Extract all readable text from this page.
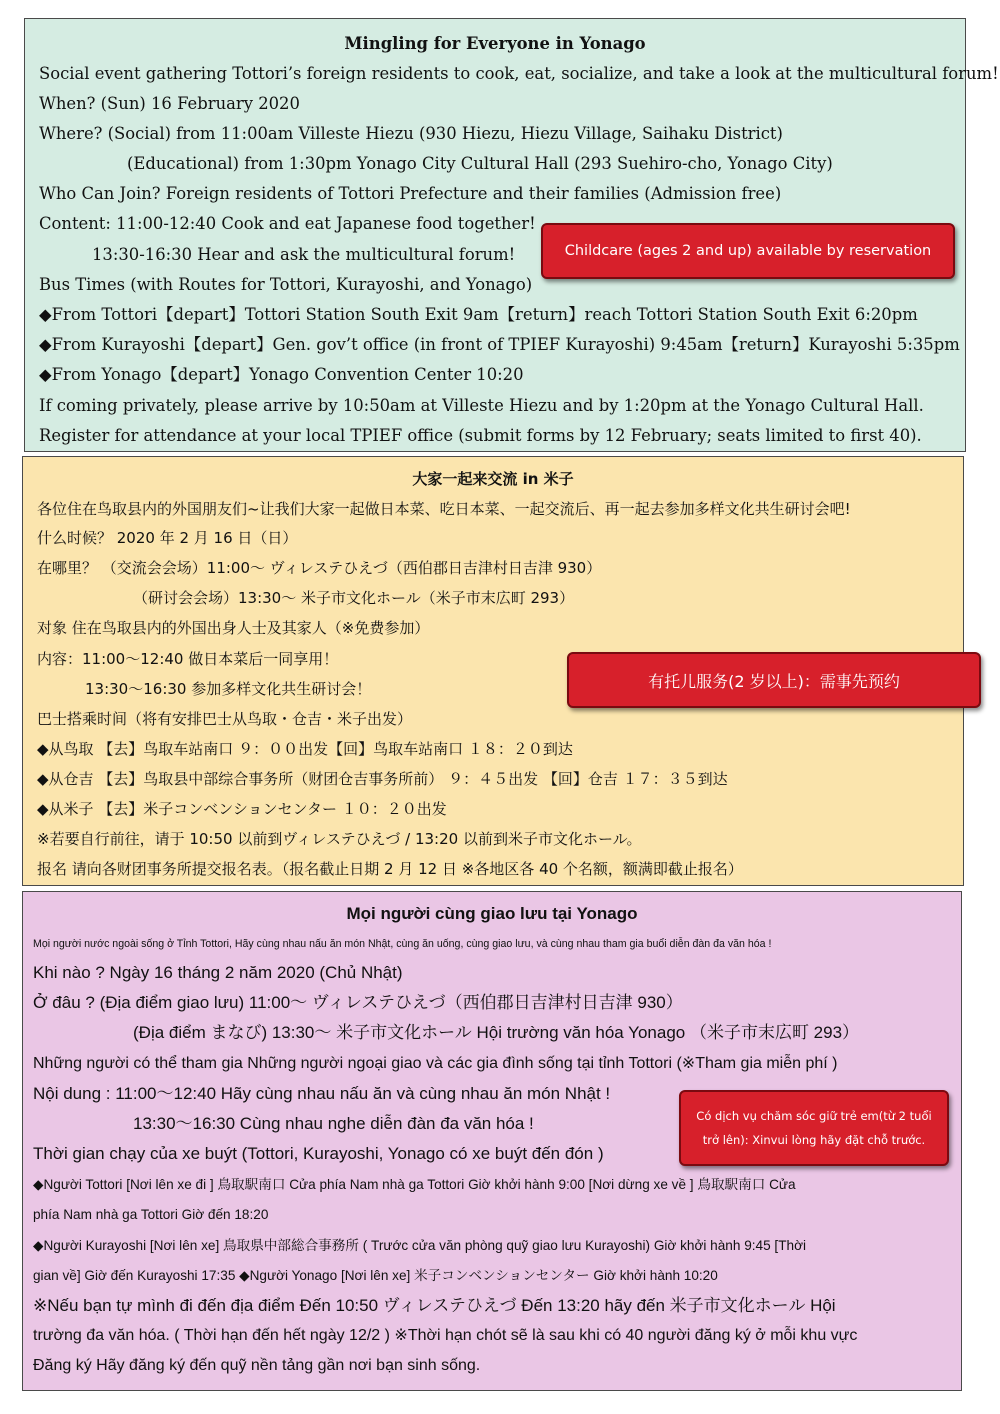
Mingling for Everyone in Yonago
Social event gathering Tottori’s foreign residents to cook, eat, socialize, and take a look at the multicultural forum!
When? (Sun) 16 February 2020
Where? (Social) from 11:00am Villeste Hiezu (930 Hiezu, Hiezu Village, Saihaku District)
(Educational) from 1:30pm Yonago City Cultural Hall (293 Suehiro-cho, Yonago City)
Who Can Join? Foreign residents of Tottori Prefecture and their families (Admission free)
Content: 11:00-12:40 Cook and eat Japanese food together!
13:30-16:30 Hear and ask the multicultural forum!
Bus Times (with Routes for Tottori, Kurayoshi, and Yonago)
◆From Tottori【depart】Tottori Station South Exit 9am【return】reach Tottori Station South Exit 6:20pm
◆From Kurayoshi【depart】Gen. gov’t office (in front of TPIEF Kurayoshi) 9:45am【return】Kurayoshi 5:35pm
◆From Yonago【depart】Yonago Convention Center 10:20
If coming privately, please arrive by 10:50am at Villeste Hiezu and by 1:20pm at the Yonago Cultural Hall.
Register for attendance at your local TPIEF office (submit forms by 12 February; seats limited to first 40).
Childcare (ages 2 and up) available by reservation
大家一起来交流 in 米子
各位住在鸟取县内的外国朋友们~让我们大家一起做日本菜、吃日本菜、一起交流后、再一起去参加多样文化共生研讨会吧!
什么时候？ 2020 年 2 月 16 日（日）
在哪里？ （交流会会场）11:00～ ヴィレステひえづ（西伯郡日吉津村日吉津 930）
（研讨会会场）13:30～ 米子市文化ホール（米子市末広町 293）
对象 住在鸟取县内的外国出身人士及其家人（※免费参加）
内容：11:00～12:40 做日本菜后一同享用！
13:30～16:30 参加多样文化共生研讨会！
巴士搭乘时间（将有安排巴士从鸟取・仓吉・米子出发）
◆从鸟取 【去】鸟取车站南口 ９：００出发【回】鸟取车站南口 １８：２０到达
◆从仓吉 【去】鸟取县中部综合事务所（财团仓吉事务所前） ９：４５出发 【回】仓吉 １７：３５到达
◆从米子 【去】米子コンベンションセンター １０：２０出发
※若要自行前往，请于 10:50 以前到ヴィレステひえづ / 13:20 以前到米子市文化ホール。
报名 请向各财团事务所提交报名表。（报名截止日期 2 月 12 日 ※各地区各 40 个名额，额满即截止报名）
有托儿服务(2 岁以上)：需事先预约
Mọi người cùng giao lưu tại Yonago
Mọi người nước ngoài sống ở Tỉnh Tottori, Hãy cùng nhau nấu ăn món Nhật, cùng ăn uống, cùng giao lưu, và cùng nhau tham gia buổi diễn đàn đa văn hóa !
Khi nào ? Ngày 16 tháng 2 năm 2020 (Chủ Nhật)
Ở đâu ? (Địa điểm giao lưu) 11:00～ ヴィレステひえづ（西伯郡日吉津村日吉津 930）
(Địa điểm まなび) 13:30～ 米子市文化ホール Hội trường văn hóa Yonago （米子市末広町 293）
Những người có thể tham gia Những người ngoại giao và các gia đình sống tại tỉnh Tottori (※Tham gia miễn phí )
Nội dung : 11:00～12:40 Hãy cùng nhau nấu ăn và cùng nhau ăn món Nhật !
13:30～16:30 Cùng nhau nghe diễn đàn đa văn hóa !
Thời gian chạy của xe buýt (Tottori, Kurayoshi, Yonago có xe buýt đến đón )
◆Người Tottori [Nơi lên xe đi ] 鳥取駅南口 Cửa phía Nam nhà ga Tottori Giờ khởi hành 9:00 [Nơi dừng xe về ] 鳥取駅南口 Cửa
phía Nam nhà ga Tottori Giờ đến 18:20
◆Người Kurayoshi [Nơi lên xe] 鳥取県中部総合事務所 ( Trước cửa văn phòng quỹ giao lưu Kurayoshi) Giờ khởi hành 9:45 [Thời
gian về] Giờ đến Kurayoshi 17:35 ◆Người Yonago [Nơi lên xe] 米子コンベンションセンター Giờ khởi hành 10:20
※Nếu bạn tự mình đi đến địa điểm Đến 10:50 ヴィレステひえづ Đến 13:20 hãy đến 米子市文化ホール Hội
trường đa văn hóa. ( Thời hạn đến hết ngày 12/2 ) ※Thời hạn chót sẽ là sau khi có 40 người đăng ký ở mỗi khu vực
Đăng ký Hãy đăng ký đến quỹ nền tảng gần nơi bạn sinh sống.
Có dịch vụ chăm sóc giữ trẻ em(từ 2 tuổi trở lên): Xinvui lòng hãy đặt chỗ trước.
